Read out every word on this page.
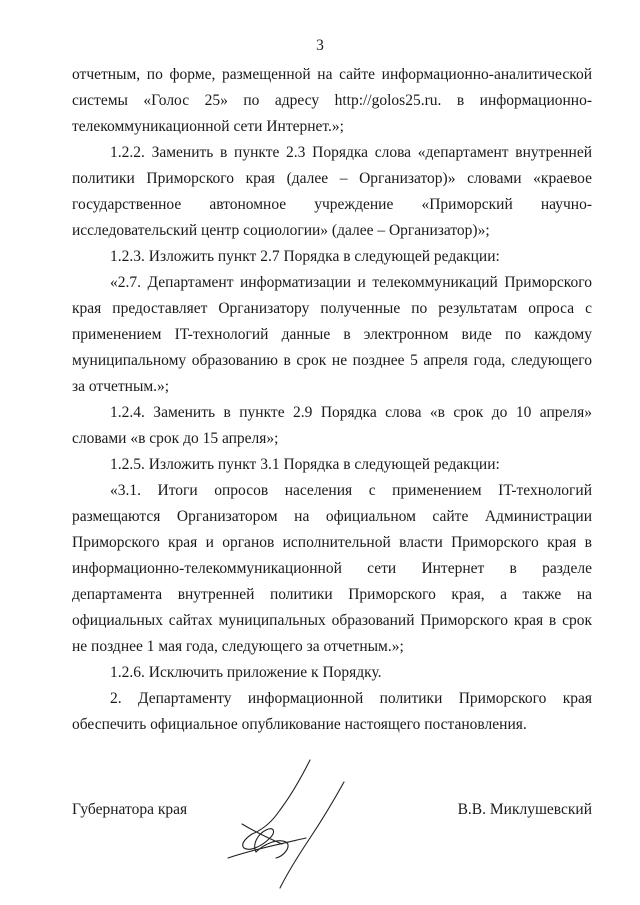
3

отчетным, по форме, размещенной на сайте информационно-аналитической системы «Голос 25» по адресу http://golos25.ru. в информационно-телекоммуникационной сети Интернет.»;

1.2.2. Заменить в пункте 2.3 Порядка слова «департамент внутренней политики Приморского края (далее – Организатор)» словами «краевое государственное автономное учреждение «Приморский научно-исследовательский центр социологии» (далее – Организатор)»;

1.2.3. Изложить пункт 2.7 Порядка в следующей редакции:

«2.7. Департамент информатизации и телекоммуникаций Приморского края предоставляет Организатору полученные по результатам опроса с применением IT-технологий данные в электронном виде по каждому муниципальному образованию в срок не позднее 5 апреля года, следующего за отчетным.»;

1.2.4. Заменить в пункте 2.9 Порядка слова «в срок до 10 апреля» словами «в срок до 15 апреля»;

1.2.5. Изложить пункт 3.1 Порядка в следующей редакции:

«3.1. Итоги опросов населения с применением IT-технологий размещаются Организатором на официальном сайте Администрации Приморского края и органов исполнительной власти Приморского края в информационно-телекоммуникационной сети Интернет в разделе департамента внутренней политики Приморского края, а также на официальных сайтах муниципальных образований Приморского края в срок не позднее 1 мая года, следующего за отчетным.»;

1.2.6. Исключить приложение к Порядку.

2. Департаменту информационной политики Приморского края обеспечить официальное опубликование настоящего постановления.

Губернатора края	В.В. Миклушевский
